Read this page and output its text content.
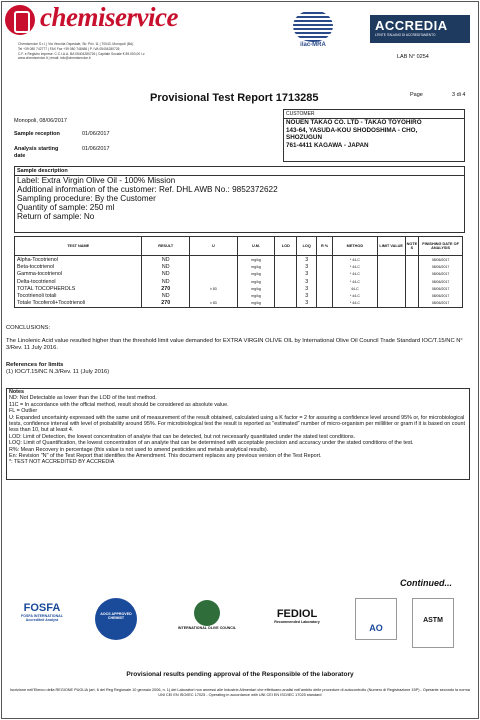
chemiservice
Chemiservice S.r.l. | Via Vecchia Ospedale, Str. Priv. 11 | 70043, Monopoli (BA)
Tel +39 080 742777 | FAX Fax +39 080 748486 | P. IVA 05404280726
C.F. e Registro Imprese: C.C.I.A.A. BA 05404280726 | Capitale Sociale € 89.000,00 i.v.
www.chemiservice.it | email: info@chemiservice.it
ilac-MRA
ACCREDIA
L'ENTE ITALIANO DI ACCREDITAMENTO
LAB N° 0254
Provisional Test Report 1713285	Page	3 di 4
Monopoli, 08/06/2017
Sample reception	01/06/2017
Analysis starting
date
01/06/2017
CUSTOMER
NOUEN TAKAO CO. LTD - TAKAO TOYOHIRO
143-64, YASUDA-KOU SHODOSHIMA - CHO,
SHOZUGUN
761-4411 KAGAWA - JAPAN
Sample description
Label: Extra Virgin Olive Oil - 100% Mission
Additional information of the customer: Ref. DHL AWB No.: 9852372622
Sampling procedure: By the Customer
Quantity of sample: 250 ml
Return of sample: No
TEST NAME	RESULT	U	U.M.	LOD	LOQ	R %	METHOD	LIMIT VALUE	NOTE S	FINISHING DATE OF ANALYSIS
Alpha-Tocotrienol	ND		mg/kg		3		* 44-C			08/06/2017
Beta-tocotrienol	ND		mg/kg		3		* 44-C			08/06/2017
Gamma-tocotrienol	ND		mg/kg		3		* 44-C			08/06/2017
Delta-tocotrienol	ND		mg/kg		3		* 44-C			08/06/2017
TOTAL TOCOPHEROLS	270	± 83	mg/kg		3		44-C			08/06/2017
Tocotrienoli totali	ND		mg/kg		3		* 44-C			08/06/2017
Totale Tocoferoli+Tocotrienoli	270	± 83	mg/kg		3		* 44-C			08/06/2017
CONCLUSIONS:
The Linolenic Acid value resulted higher than the threshold limit value demanded for EXTRA VIRGIN OLIVE OIL by International Olive Oil Council Trade Standard IOC/T.15/NC N° 3/Rev. 11 July 2016.
References for limits
(1) IOC/T.15/NC N.3/Rev. 11 (July 2016)
Notes
ND: Not Detectable as lower than the LOD of the test method.
11C = In accordance with the official method, result should be considered as absolute value.
FL = Outlier
U: Expanded uncertainty expressed with the same unit of measurement of the result obtained, calculated using a K factor = 2 for assuring a confidence level around 95% or, for microbiological tests, confidence interval with level of probability around 95%. For microbiological test the result is reported as "estimated" number of micro-organism per milliliter or gram if it is based on count less than 10, but at least 4.
LOD: Limit of Detection, the lowest concentration of analyte that can be detected, but not necessarily quantitated under the stated test conditions.
LOQ: Limit of Quantification, the lowest concentration of an analyte that can be determined with acceptable precision and accuracy under the stated conditions of the test.
R%: Mean Recovery in percentage (this value is not used to amend pesticides and metals analytical results).
En: Revision "N" of the Test Report that identifies the Amendment. This document replaces any previous version of the Test Report.
*: TEST NOT ACCREDITED BY ACCREDIA
Continued...
FOSFA
FOSFA INTERNATIONAL Accredited Analyst
AOCS APPROVED CHEMIST
INTERNATIONAL OLIVE COUNCIL
FEDIOL
Recommended Laboratory
AO
ASTM
Provisional results pending approval of the Responsible of the laboratory
Iscrizione nell'Elenco della REGIONE PUGLIA (art. 6 del Reg Regionale 10 gennaio 2006, n. 1) dei Laboratori non annessi alle Industrie Alimentari che effettuano analisi nell'ambito delle procedure di autocontrollo (Numero di Registrazione 15P) - Operante secondo la norma UNI CEI EN ISO/IEC 17025 - Operating in accordance with UNI CEI EN ISO/IEC 17025 standard
